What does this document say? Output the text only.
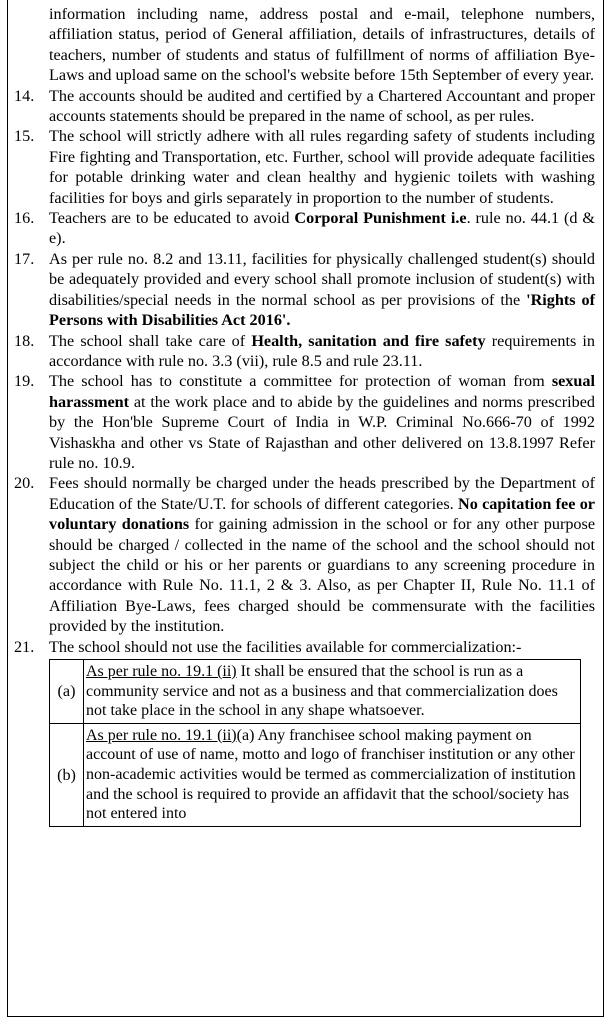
information including name, address postal and e-mail, telephone numbers, affiliation status, period of General affiliation, details of infrastructures, details of teachers, number of students and status of fulfillment of norms of affiliation Bye-Laws and upload same on the school's website before 15th September of every year.
14. The accounts should be audited and certified by a Chartered Accountant and proper accounts statements should be prepared in the name of school, as per rules.
15. The school will strictly adhere with all rules regarding safety of students including Fire fighting and Transportation, etc. Further, school will provide adequate facilities for potable drinking water and clean healthy and hygienic toilets with washing facilities for boys and girls separately in proportion to the number of students.
16. Teachers are to be educated to avoid Corporal Punishment i.e. rule no. 44.1 (d & e).
17. As per rule no. 8.2 and 13.11, facilities for physically challenged student(s) should be adequately provided and every school shall promote inclusion of student(s) with disabilities/special needs in the normal school as per provisions of the 'Rights of Persons with Disabilities Act 2016'.
18. The school shall take care of Health, sanitation and fire safety requirements in accordance with rule no. 3.3 (vii), rule 8.5 and rule 23.11.
19. The school has to constitute a committee for protection of woman from sexual harassment at the work place and to abide by the guidelines and norms prescribed by the Hon'ble Supreme Court of India in W.P. Criminal No.666-70 of 1992 Vishaskha and other vs State of Rajasthan and other delivered on 13.8.1997 Refer rule no. 10.9.
20. Fees should normally be charged under the heads prescribed by the Department of Education of the State/U.T. for schools of different categories. No capitation fee or voluntary donations for gaining admission in the school or for any other purpose should be charged / collected in the name of the school and the school should not subject the child or his or her parents or guardians to any screening procedure in accordance with Rule No. 11.1, 2 & 3. Also, as per Chapter II, Rule No. 11.1 of Affiliation Bye-Laws, fees charged should be commensurate with the facilities provided by the institution.
21. The school should not use the facilities available for commercialization:-
(a)
As per rule no. 19.1 (ii) It shall be ensured that the school is run as a community service and not as a business and that commercialization does not take place in the school in any shape whatsoever.
(b)
As per rule no. 19.1 (ii)(a) Any franchisee school making payment on account of use of name, motto and logo of franchiser institution or any other non-academic activities would be termed as commercialization of institution and the school is required to provide an affidavit that the school/society has not entered into
